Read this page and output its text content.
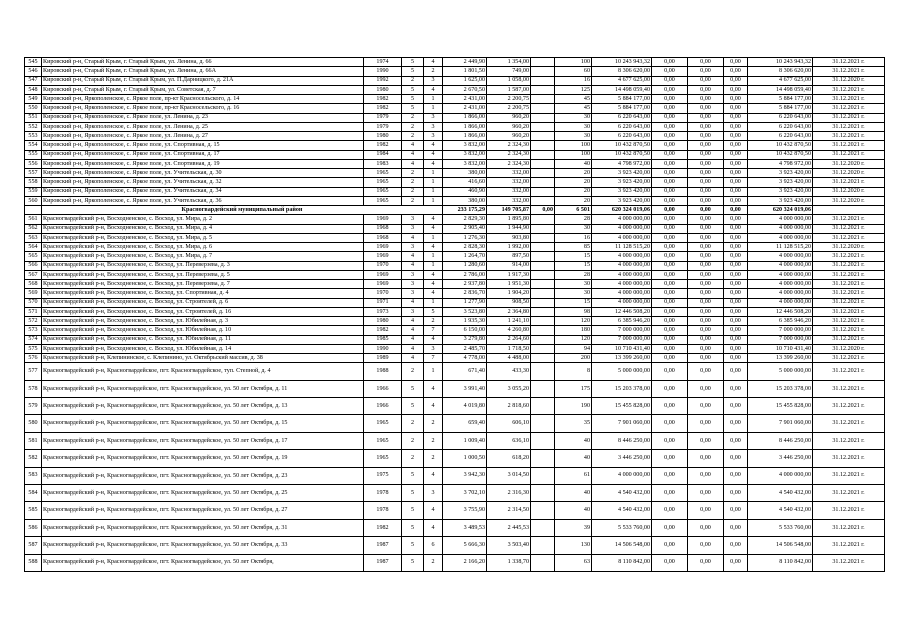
545	Кировский р-н, Старый Крым, г. Старый Крым, ул. Ленина, д. 66	1974	5	4	2 449,90	1 354,00		100	10 243 943,32	0,00	0,00	0,00	10 243 943,32	31.12.2021 г.
546	Кировский р-н, Старый Крым, г. Старый Крым, ул. Ленина, д. 66А	1990	5	2	1 801,50	749,00		60	8 306 620,00	0,00	0,00	0,00	8 306 620,00	31.12.2021 г.
547	Кировский р-н, Старый Крым, г. Старый Крым, ул. П.Дарницкого, д. 21А	1992	2	3	1 625,00	1 058,00		16	4 677 625,00	0,00	0,00	0,00	4 677 625,00	31.12.2020 г.
548	Кировский р-н, Старый Крым, г. Старый Крым, ул. Советская, д. 7	1980	5	4	2 670,50	1 587,00		125	14 498 059,40	0,00	0,00	0,00	14 498 059,40	31.12.2021 г.
549	Кировский р-н, Яркополенское, с. Яркое поле, пр-кт Красносельского, д. 14	1982	5	1	2 431,00	2 200,75		45	5 884 177,00	0,00	0,00	0,00	5 884 177,00	31.12.2021 г.
550	Кировский р-н, Яркополенское, с. Яркое поле, пр-кт Красносельского, д. 16	1982	5	1	2 431,00	2 200,75		45	5 884 177,00	0,00	0,00	0,00	5 884 177,00	31.12.2021 г.
551	Кировский р-н, Яркополенское, с. Яркое поле, ул. Ленина, д. 23	1979	2	3	1 866,00	960,20		30	6 220 643,00	0,00	0,00	0,00	6 220 643,00	31.12.2021 г.
552	Кировский р-н, Яркополенское, с. Яркое поле, ул. Ленина, д. 25	1979	2	3	1 866,00	960,20		30	6 220 643,00	0,00	0,00	0,00	6 220 643,00	31.12.2021 г.
553	Кировский р-н, Яркополенское, с. Яркое поле, ул. Ленина, д. 27	1980	2	3	1 866,00	960,20		30	6 220 643,00	0,00	0,00	0,00	6 220 643,00	31.12.2021 г.
554	Кировский р-н, Яркополенское, с. Яркое поле, ул. Спортивная, д. 15	1982	4	4	3 832,00	2 324,30		100	10 432 870,50	0,00	0,00	0,00	10 432 870,50	31.12.2021 г.
555	Кировский р-н, Яркополенское, с. Яркое поле, ул. Спортивная, д. 17	1984	4	4	3 832,00	2 324,30		100	10 432 870,50	0,00	0,00	0,00	10 432 870,50	31.12.2021 г.
556	Кировский р-н, Яркополенское, с. Яркое поле, ул. Спортивная, д. 19	1983	4	4	3 832,00	2 324,30		40	4 798 972,00	0,00	0,00	0,00	4 798 972,00	31.12.2020 г.
557	Кировский р-н, Яркополенское, с. Яркое поле, ул. Учительская, д. 30	1965	2	1	380,00	332,00		20	3 923 420,00	0,00	0,00	0,00	3 923 420,00	31.12.2020 г.
558	Кировский р-н, Яркополенское, с. Яркое поле, ул. Учительская, д. 32	1965	2	1	416,60	332,00		20	3 923 420,00	0,00	0,00	0,00	3 923 420,00	31.12.2021 г.
559	Кировский р-н, Яркополенское, с. Яркое поле, ул. Учительская, д. 34	1965	2	1	460,90	332,00		20	3 923 420,00	0,00	0,00	0,00	3 923 420,00	31.12.2020 г.
560	Кировский р-н, Яркополенское, с. Яркое поле, ул. Учительская, д. 36	1965	2	1	380,00	332,00		20	3 923 420,00	0,00	0,00	0,00	3 923 420,00	31.12.2020 г.
	Красногвардейский муниципальный район				233 175,29	149 705,87	0,00	6 501	620 324 019,06	0,00	0,00	0,00	620 324 019,06	
561	Красногвардейский р-н, Восходненское, с. Восход, ул. Мира, д. 2	1969	3	4	2 829,30	1 895,80		28	4 000 000,00	0,00	0,00	0,00	4 000 000,00	31.12.2021 г.
562	Красногвардейский р-н, Восходненское, с. Восход, ул. Мира, д. 4	1968	3	4	2 905,40	1 944,90		30	4 000 000,00	0,00	0,00	0,00	4 000 000,00	31.12.2021 г.
563	Красногвардейский р-н, Восходненское, с. Восход, ул. Мира, д. 5	1968	4	1	1 276,30	903,80		16	4 000 000,00	0,00	0,00	0,00	4 000 000,00	31.12.2021 г.
564	Красногвардейский р-н, Восходненское, с. Восход, ул. Мира, д. 6	1969	3	4	2 828,30	1 992,00		85	11 128 515,20	0,00	0,00	0,00	11 128 515,20	31.12.2020 г.
565	Красногвардейский р-н, Восходненское, с. Восход, ул. Мира, д. 7	1969	4	1	1 264,70	897,50		15	4 000 000,00	0,00	0,00	0,00	4 000 000,00	31.12.2021 г.
566	Красногвардейский р-н, Восходненское, с. Восход, ул. Переверзева, д. 3	1970	4	1	1 280,60	914,00		15	4 000 000,00	0,00	0,00	0,00	4 000 000,00	31.12.2021 г.
567	Красногвардейский р-н, Восходненское, с. Восход, ул. Переверзева, д. 5	1969	3	4	2 786,00	1 917,30		28	4 000 000,00	0,00	0,00	0,00	4 000 000,00	31.12.2021 г.
568	Красногвардейский р-н, Восходненское, с. Восход, ул. Переверзева, д. 7	1969	3	4	2 937,80	1 951,30		30	4 000 000,00	0,00	0,00	0,00	4 000 000,00	31.12.2021 г.
569	Красногвардейский р-н, Восходненское, с. Восход, ул. Спортивная, д. 4	1970	3	4	2 836,70	1 904,20		30	4 000 000,00	0,00	0,00	0,00	4 000 000,00	31.12.2021 г.
570	Красногвардейский р-н, Восходненское, с. Восход, ул. Строителей, д. 6	1971	4	1	1 277,90	908,50		15	4 000 000,00	0,00	0,00	0,00	4 000 000,00	31.12.2021 г.
571	Красногвардейский р-н, Восходненское, с. Восход, ул. Строителей, д. 16	1973	3	5	3 523,80	2 364,80		98	12 446 508,20	0,00	0,00	0,00	12 446 508,20	31.12.2021 г.
572	Красногвардейский р-н, Восходненское, с. Восход, ул. Юбилейная, д. 3	1980	4	2	1 935,30	1 241,10		120	6 385 946,20	0,00	0,00	0,00	6 385 946,20	31.12.2021 г.
573	Красногвардейский р-н, Восходненское, с. Восход, ул. Юбилейная, д. 10	1982	4	7	6 150,00	4 260,80		180	7 000 000,00	0,00	0,00	0,00	7 000 000,00	31.12.2021 г.
574	Красногвардейский р-н, Восходненское, с. Восход, ул. Юбилейная, д. 11	1985	4	4	3 279,80	2 264,60		120	7 000 000,00	0,00	0,00	0,00	7 000 000,00	31.12.2021 г.
575	Красногвардейский р-н, Восходненское, с. Восход, ул. Юбилейная, д. 14	1990	4	3	2 485,70	1 718,50		94	10 710 431,40	0,00	0,00	0,00	10 710 431,40	31.12.2020 г.
576	Красногвардейский р-н, Клепининское, с. Клепинино, ул. Октябрьский массив, д. 38	1989	4	7	4 778,00	4 488,00		200	13 399 260,00	0,00	0,00	0,00	13 399 260,00	31.12.2021 г.
577	Красногвардейский р-н, Красногвардейское, пгт. Красногвардейское, туп. Степной, д. 4	1988	2	1	671,40	433,30		8	5 000 000,00	0,00	0,00	0,00	5 000 000,00	31.12.2021 г.
578	Красногвардейский р-н, Красногвардейское, пгт. Красногвардейское, ул. 50 лет Октября, д. 11	1966	5	4	3 991,40	3 055,20		175	15 203 378,00	0,00	0,00	0,00	15 203 378,00	31.12.2021 г.
579	Красногвардейский р-н, Красногвардейское, пгт. Красногвардейское, ул. 50 лет Октября, д. 13	1966	5	4	4 019,80	2 818,60		190	15 455 828,00	0,00	0,00	0,00	15 455 828,00	31.12.2021 г.
580	Красногвардейский р-н, Красногвардейское, пгт. Красногвардейское, ул. 50 лет Октября, д. 15	1965	2	2	659,40	606,10		35	7 901 060,00	0,00	0,00	0,00	7 901 060,00	31.12.2021 г.
581	Красногвардейский р-н, Красногвардейское, пгт. Красногвардейское, ул. 50 лет Октября, д. 17	1965	2	2	1 009,40	636,10		40	8 446 250,00	0,00	0,00	0,00	8 446 250,00	31.12.2021 г.
582	Красногвардейский р-н, Красногвардейское, пгт. Красногвардейское, ул. 50 лет Октября, д. 19	1965	2	2	1 000,50	618,20		40	3 446 250,00	0,00	0,00	0,00	3 446 250,00	31.12.2021 г.
583	Красногвардейский р-н, Красногвардейское, пгт. Красногвардейское, ул. 50 лет Октября, д. 23	1975	5	4	3 942,30	3 014,50		61	4 000 000,00	0,00	0,00	0,00	4 000 000,00	31.12.2021 г.
584	Красногвардейский р-н, Красногвардейское, пгт. Красногвардейское, ул. 50 лет Октября, д. 25	1978	5	3	3 702,10	2 316,30		40	4 540 432,00	0,00	0,00	0,00	4 540 432,00	31.12.2021 г.
585	Красногвардейский р-н, Красногвардейское, пгт. Красногвардейское, ул. 50 лет Октября, д. 27	1978	5	4	3 755,90	2 314,50		40	4 540 432,00	0,00	0,00	0,00	4 540 432,00	31.12.2021 г.
586	Красногвардейский р-н, Красногвардейское, пгт. Красногвардейское, ул. 50 лет Октября, д. 31	1982	5	4	3 489,53	2 445,53		39	5 533 760,00	0,00	0,00	0,00	5 533 760,00	31.12.2021 г.
587	Красногвардейский р-н, Красногвардейское, пгт. Красногвардейское, ул. 50 лет Октября, д. 33	1987	5	6	5 666,30	3 503,40		130	14 506 548,00	0,00	0,00	0,00	14 506 548,00	31.12.2021 г.
588	Красногвардейский р-н, Красногвардейское, пгт. Красногвардейское, ул. 50 лет Октября,	1987	5	2	2 166,20	1 338,70		63	8 110 842,00	0,00	0,00	0,00	8 110 842,00	31.12.2021 г.
